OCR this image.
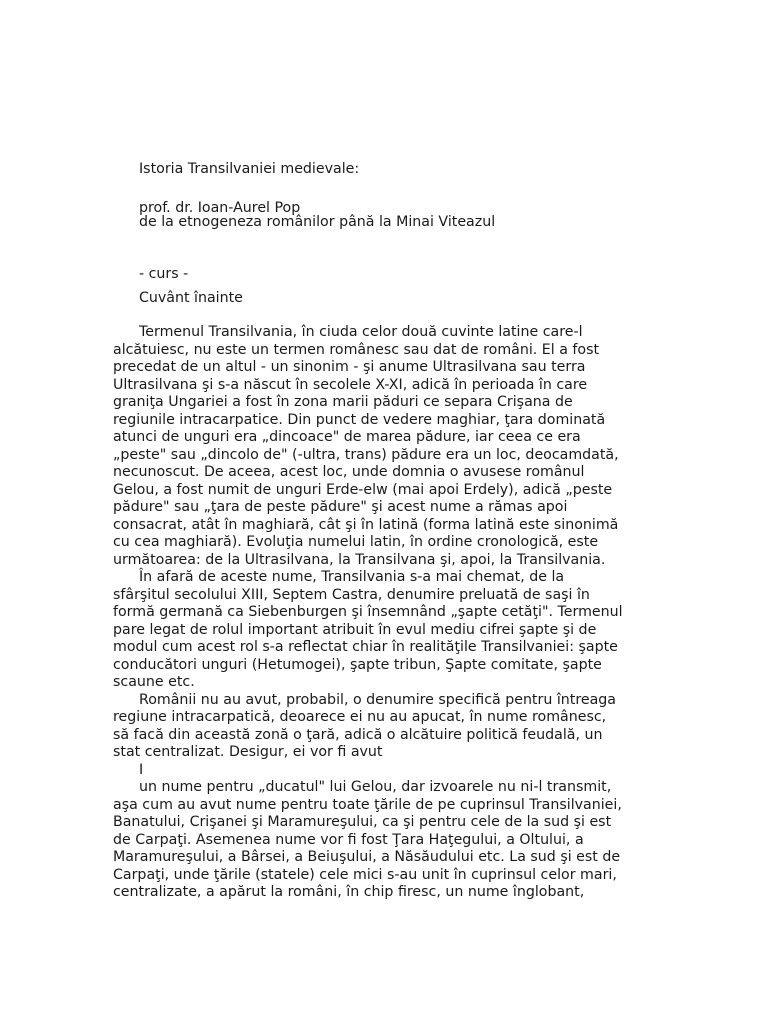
Istoria Transilvaniei medievale:

de la etnogeneza românilor până la Minai Viteazul

- curs -

prof. dr. Ioan-Aurel Pop
Cuvânt înainte
Termenul Transilvania, în ciuda celor două cuvinte latine care-l
alcătuiesc, nu este un termen românesc sau dat de români. El a fost
precedat de un altul - un sinonim - şi anume Ultrasilvana sau terra
Ultrasilvana şi s-a născut în secolele X-XI, adică în perioada în care
graniţa Ungariei a fost în zona marii păduri ce separa Crişana de
regiunile intracarpatice. Din punct de vedere maghiar, ţara dominată
atunci de unguri era „dincoace" de marea pădure, iar ceea ce era
„peste" sau „dincolo de" (-ultra, trans) pădure era un loc, deocamdată,
necunoscut. De aceea, acest loc, unde domnia o avusese românul
Gelou, a fost numit de unguri Erde-elw (mai apoi Erdely), adică „peste
pădure" sau „ţara de peste pădure" şi acest nume a rămas apoi
consacrat, atât în maghiară, cât şi în latină (forma latină este sinonimă
cu cea maghiară). Evoluţia numelui latin, în ordine cronologică, este
următoarea: de la Ultrasilvana, la Transilvana şi, apoi, la Transilvania.
În afară de aceste nume, Transilvania s-a mai chemat, de la
sfârşitul secolului XIII, Septem Castra, denumire preluată de saşi în
formă germană ca Siebenburgen şi însemnând „şapte cetăţi". Termenul
pare legat de rolul important atribuit în evul mediu cifrei şapte şi de
modul cum acest rol s-a reflectat chiar în realităţile Transilvaniei: şapte
conducători unguri (Hetumogei), şapte tribun, Şapte comitate, şapte
scaune etc.
Românii nu au avut, probabil, o denumire specifică pentru întreaga
regiune intracarpatică, deoarece ei nu au apucat, în nume românesc,
să facă din această zonă o ţară, adică o alcătuire politică feudală, un
stat centralizat. Desigur, ei vor fi avut
I
un nume pentru „ducatul" lui Gelou, dar izvoarele nu ni-l transmit,
aşa cum au avut nume pentru toate ţările de pe cuprinsul Transilvaniei,
Banatului, Crişanei şi Maramureşului, ca şi pentru cele de la sud şi est
de Carpaţi. Asemenea nume vor fi fost Ţara Haţegului, a Oltului, a
Maramureşului, a Bârsei, a Beiuşului, a Năsăudului etc. La sud şi est de
Carpaţi, unde ţările (statele) cele mici s-au unit în cuprinsul celor mari,
centralizate, a apărut la români, în chip firesc, un nume înglobant,
